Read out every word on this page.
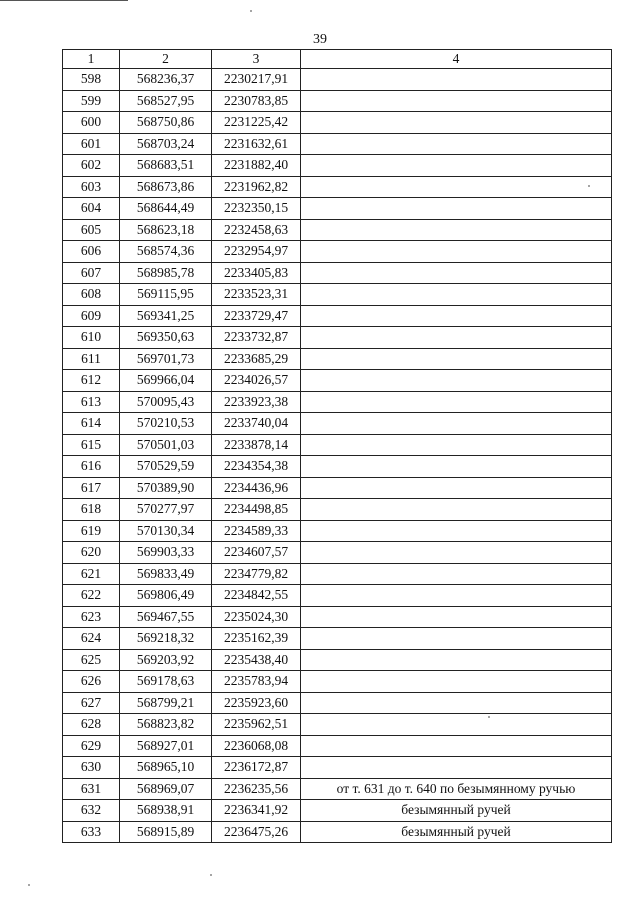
39
1	2	3	4
598	568236,37	2230217,91	
599	568527,95	2230783,85	
600	568750,86	2231225,42	
601	568703,24	2231632,61	
602	568683,51	2231882,40	
603	568673,86	2231962,82	
604	568644,49	2232350,15	
605	568623,18	2232458,63	
606	568574,36	2232954,97	
607	568985,78	2233405,83	
608	569115,95	2233523,31	
609	569341,25	2233729,47	
610	569350,63	2233732,87	
611	569701,73	2233685,29	
612	569966,04	2234026,57	
613	570095,43	2233923,38	
614	570210,53	2233740,04	
615	570501,03	2233878,14	
616	570529,59	2234354,38	
617	570389,90	2234436,96	
618	570277,97	2234498,85	
619	570130,34	2234589,33	
620	569903,33	2234607,57	
621	569833,49	2234779,82	
622	569806,49	2234842,55	
623	569467,55	2235024,30	
624	569218,32	2235162,39	
625	569203,92	2235438,40	
626	569178,63	2235783,94	
627	568799,21	2235923,60	
628	568823,82	2235962,51	
629	568927,01	2236068,08	
630	568965,10	2236172,87	
631	568969,07	2236235,56	от т. 631 до т. 640 по безымянному ручью
632	568938,91	2236341,92	безымянный ручей
633	568915,89	2236475,26	безымянный ручей
